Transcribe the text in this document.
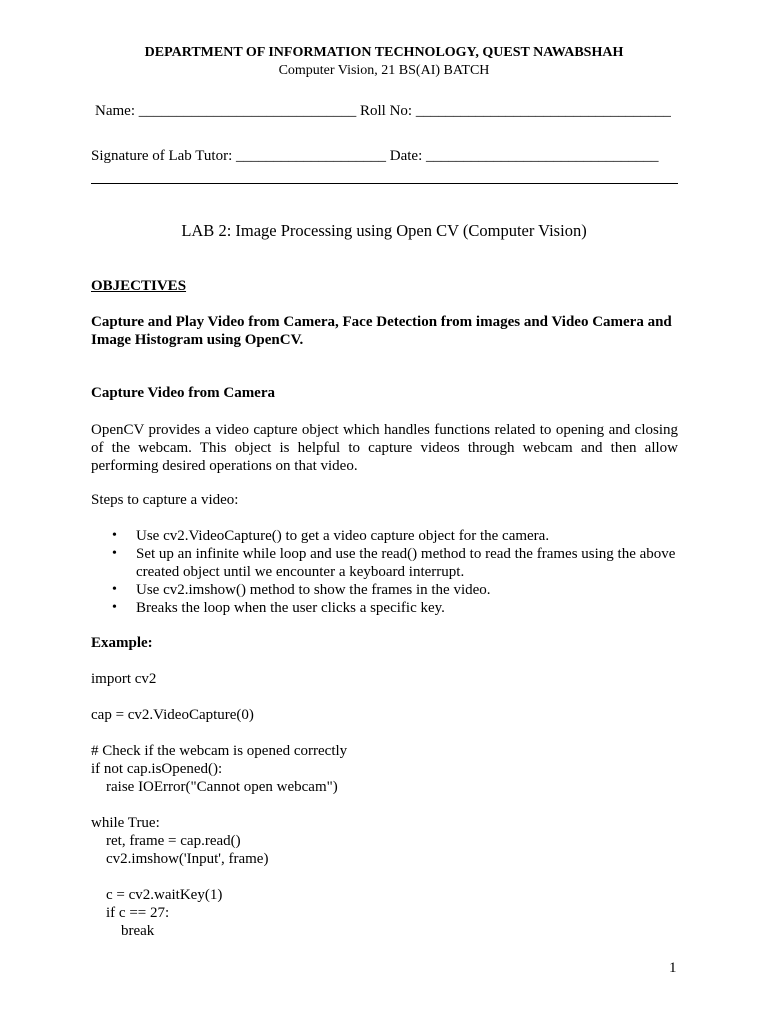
DEPARTMENT OF INFORMATION TECHNOLOGY, QUEST NAWABSHAH
Computer Vision, 21 BS(AI) BATCH
Name: _____________________________ Roll No: __________________________________
Signature of Lab Tutor: ____________________ Date: _______________________________
LAB 2: Image Processing using Open CV (Computer Vision)
OBJECTIVES
Capture and Play Video from Camera, Face Detection from images and Video Camera and Image Histogram using OpenCV.
Capture Video from Camera
OpenCV provides a video capture object which handles functions related to opening and closing of the webcam. This object is helpful to capture videos through webcam and then allow performing desired operations on that video.
Steps to capture a video:
• Use cv2.VideoCapture() to get a video capture object for the camera.
• Set up an infinite while loop and use the read() method to read the frames using the above created object until we encounter a keyboard interrupt.
• Use cv2.imshow() method to show the frames in the video.
• Breaks the loop when the user clicks a specific key.
Example:
import cv2
cap = cv2.VideoCapture(0)
# Check if the webcam is opened correctly
if not cap.isOpened():
raise IOError("Cannot open webcam")
while True:
ret, frame = cap.read()
cv2.imshow('Input', frame)
c = cv2.waitKey(1)
if c == 27:
break
1
